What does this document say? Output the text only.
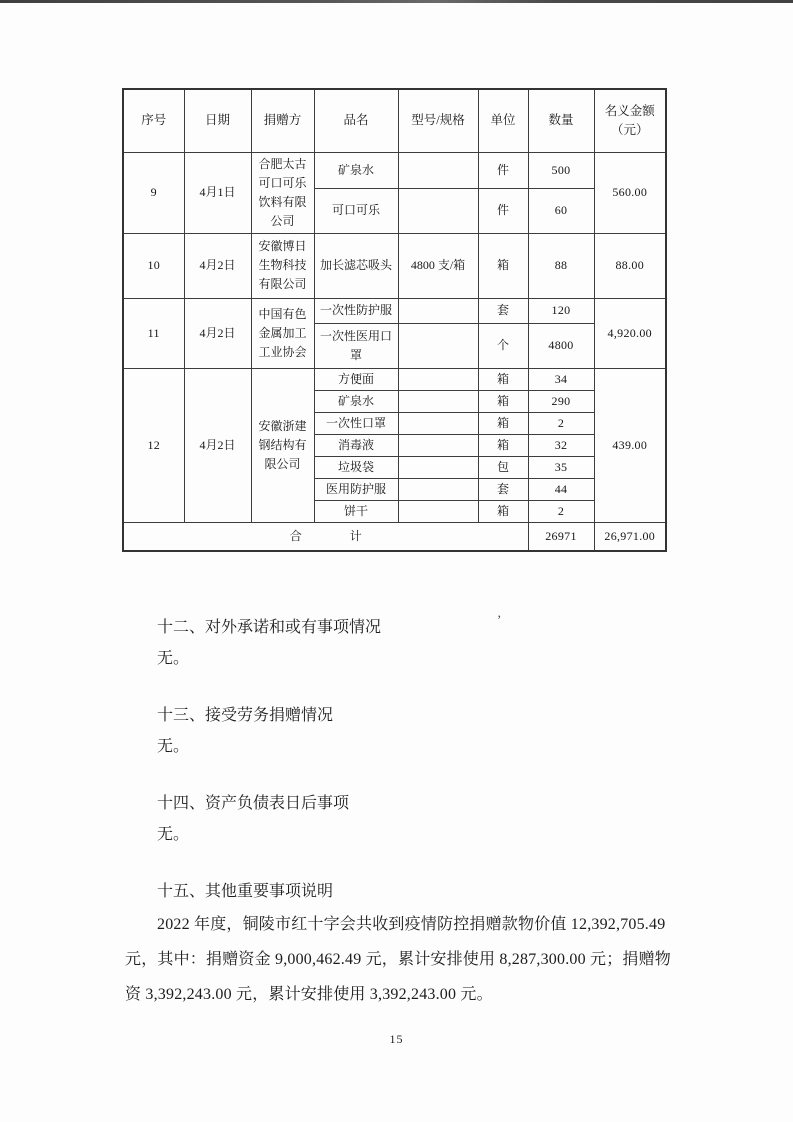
序号	日期	捐赠方	品名	型号/规格	单位	数量	名义金额（元）
9	4月1日	合肥太古可口可乐饮料有限公司	矿泉水		件	500	560.00
			可口可乐		件	60	
10	4月2日	安徽博日生物科技有限公司	加长滤芯吸头	4800 支/箱	箱	88	88.00
11	4月2日	中国有色金属加工工业协会	一次性防护服		套	120	4,920.00
			一次性医用口罩		个	4800	
12	4月2日	安徽浙建钢结构有限公司	方便面		箱	34	439.00
			矿泉水		箱	290	
			一次性口罩		箱	2	
			消毒液		箱	32	
			垃圾袋		包	35	
			医用防护服		套	44	
			饼干		箱	2	
合　　　　计						26971	26,971.00
’

十二、对外承诺和或有事项情况

无。

十三、接受劳务捐赠情况

无。

十四、资产负债表日后事项

无。

十五、其他重要事项说明

2022 年度，铜陵市红十字会共收到疫情防控捐赠款物价值 12,392,705.49
元，其中：捐赠资金 9,000,462.49 元，累计安排使用 8,287,300.00 元；捐赠物
资 3,392,243.00 元，累计安排使用 3,392,243.00 元。
15
